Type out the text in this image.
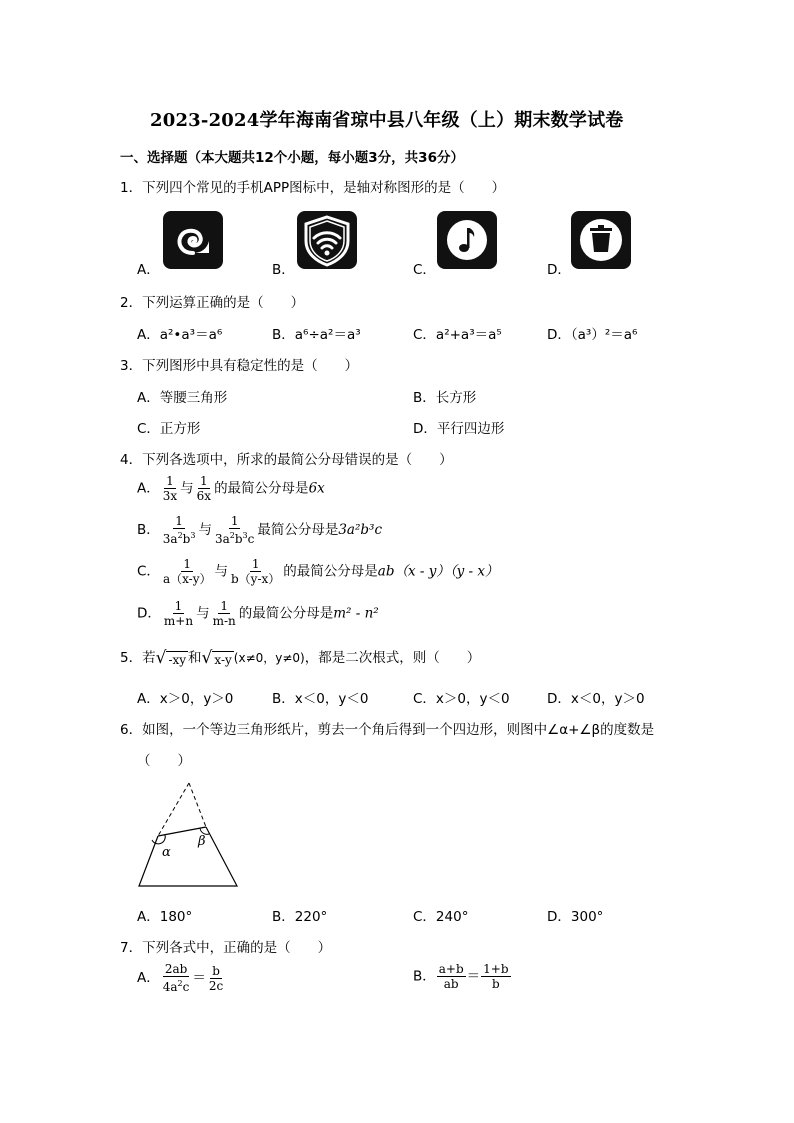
2023-2024学年海南省琼中县八年级（上）期末数学试卷
一、选择题（本大题共12个小题，每小题3分，共36分）
1．下列四个常见的手机APP图标中，是轴对称图形的是（　　）
A．	B．	C．	D．
2．下列运算正确的是（　　）
A．a²•a³＝a⁶	B．a⁶÷a²＝a³	C．a²+a³＝a⁵	D．（a³）²＝a⁶
3．下列图形中具有稳定性的是（　　）
A．等腰三角形	B．长方形
C．正方形	D．平行四边形
4．下列各选项中，所求的最简公分母错误的是（　　）
A． $\frac{1}{3x}$ 与 $\frac{1}{6x}$ 的最简公分母是6x
B． $\frac{1}{3a^2b^3}$ 与 $\frac{1}{3a^2b^3c}$ 最简公分母是3a²b³c
C． $\frac{1}{a(x-y)}$ 与 $\frac{1}{b(y-x)}$ 的最简公分母是ab（x - y）（y - x）
D． $\frac{1}{m+n}$ 与 $\frac{1}{m-n}$ 的最简公分母是m² - n²
5．若 √ -xy 和 √ x-y (x≠0，y≠0)，都是二次根式，则（　　）
A．x＞0，y＞0	B．x＜0，y＜0	C．x＞0，y＜0	D．x＜0，y＞0
6．如图，一个等边三角形纸片，剪去一个角后得到一个四边形，则图中∠α+∠β的度数是
（　　）
α
β
A．180°	B．220°	C．240°	D．300°
7．下列各式中，正确的是（　　）
A． $\frac{2ab}{4a^2c} = \frac{b}{2c}$	B． $\frac{a+b}{ab} = \frac{1+b}{b}$
